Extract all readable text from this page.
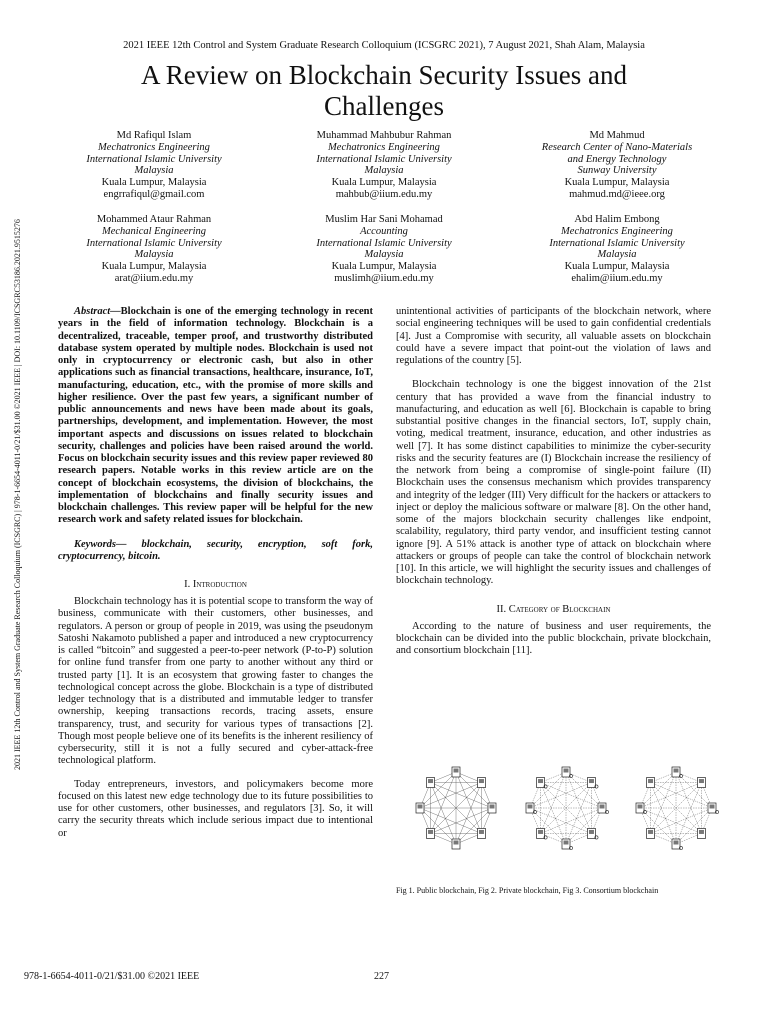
2021 IEEE 12th Control and System Graduate Research Colloquium (ICSGRC 2021), 7 August 2021, Shah Alam, Malaysia
A Review on Blockchain Security Issues and
Challenges
2021 IEEE 12th Control and System Graduate Research Colloquium (ICSGRC) | 978-1-6654-4011-0/21/$31.00 ©2021 IEEE | DOI: 10.1109/ICSGRC53186.2021.9515276
Md Rafiqul Islam
Mechatronics Engineering
International Islamic University
Malaysia
Kuala Lumpur, Malaysia
engrrafiqul@gmail.com
Muhammad Mahbubur Rahman
Mechatronics Engineering
International Islamic University
Malaysia
Kuala Lumpur, Malaysia
mahbub@iium.edu.my
Md Mahmud
Research Center of Nano-Materials
and Energy Technology
Sunway University
Kuala Lumpur, Malaysia
mahmud.md@ieee.org
Mohammed Ataur Rahman
Mechanical Engineering
International Islamic University
Malaysia
Kuala Lumpur, Malaysia
arat@iium.edu.my
Muslim Har Sani Mohamad
Accounting
International Islamic University
Malaysia
Kuala Lumpur, Malaysia
muslimh@iium.edu.my
Abd Halim Embong
Mechatronics Engineering
International Islamic University
Malaysia
Kuala Lumpur, Malaysia
ehalim@iium.edu.my

Abstract—Blockchain is one of the emerging technology in recent years in the field of information technology. Blockchain is a decentralized, traceable, temper proof, and trustworthy distributed database system operated by multiple nodes. Blockchain is used not only in cryptocurrency or electronic cash, but also in other applications such as financial transactions, healthcare, insurance, IoT, manufacturing, education, etc., with the promise of more skills and higher resilience. Over the past few years, a significant number of public announcements and news have been made about its goals, partnerships, development, and implementation. However, the most important aspects and discussions on issues related to blockchain security, challenges and policies have been raised around the world. Focus on blockchain security issues and this review paper reviewed 80 research papers. Notable works in this review article are on the concept of blockchain ecosystems, the division of blockchains, the implementation of blockchains and finally security issues and blockchain challenges. This review paper will be helpful for the new research work and safety related issues for blockchain.

Keywords— blockchain, security, encryption, soft fork, cryptocurrency, bitcoin.

I. Introduction

Blockchain technology has it is potential scope to transform the way of business, communicate with their customers, other businesses, and regulators. A person or group of people in 2019, was using the pseudonym Satoshi Nakamoto published a paper and introduced a new cryptocurrency is called “bitcoin” and suggested a peer-to-peer network (P-to-P) solution for online fund transfer from one party to another without any third or trusted party [1]. It is an ecosystem that growing faster to changes the technological concept across the globe. Blockchain is a type of distributed ledger technology that is a distributed and immutable ledger to transfer ownership, keeping transactions records, tracing assets, ensure transparency, trust, and security for various types of transactions [2]. Though most people believe one of its benefits is the inherent resiliency of cybersecurity, still it is not a fully secured and cyber-attack-free technological platform.

Today entrepreneurs, investors, and policymakers become more focused on this latest new edge technology due to its future possibilities to use for other customers, other businesses, and regulators [3]. So, it will carry the security threats which include serious impact due to intentional or

unintentional activities of participants of the blockchain network, where social engineering techniques will be used to gain confidential credentials [4]. Just a Compromise with security, all valuable assets on blockchain could have a severe impact that point-out the violation of laws and regulations of the country [5].

Blockchain technology is one the biggest innovation of the 21st century that has provided a wave from the financial industry to manufacturing, and education as well [6]. Blockchain is capable to bring substantial positive changes in the financial sectors, IoT, supply chain, voting, medical treatment, insurance, education, and other industries as well [7]. It has some distinct capabilities to minimize the cyber-security risks and the security features are (I) Blockchain increase the resiliency of the network from being a compromise of single-point failure (II) Blockchain uses the consensus mechanism which provides transparency and integrity of the ledger (III) Very difficult for the hackers or attackers to inject or deploy the malicious software or malware [8]. On the other hand, some of the majors blockchain security challenges like endpoint, scalability, regulatory, third party vendor, and insufficient testing cannot ignore [9]. A 51% attack is another type of attack on blockchain where attackers or groups of people can take the control of blockchain network [10]. In this article, we will highlight the security issues and challenges of blockchain technology.

II. Category of Blockchain

According to the nature of business and user requirements, the blockchain can be divided into the public blockchain, private blockchain, and consortium blockchain [11].

Fig 1. Public blockchain, Fig 2. Private blockchain, Fig 3. Consortium blockchain
978-1-6654-4011-0/21/$31.00 ©2021 IEEE	227
